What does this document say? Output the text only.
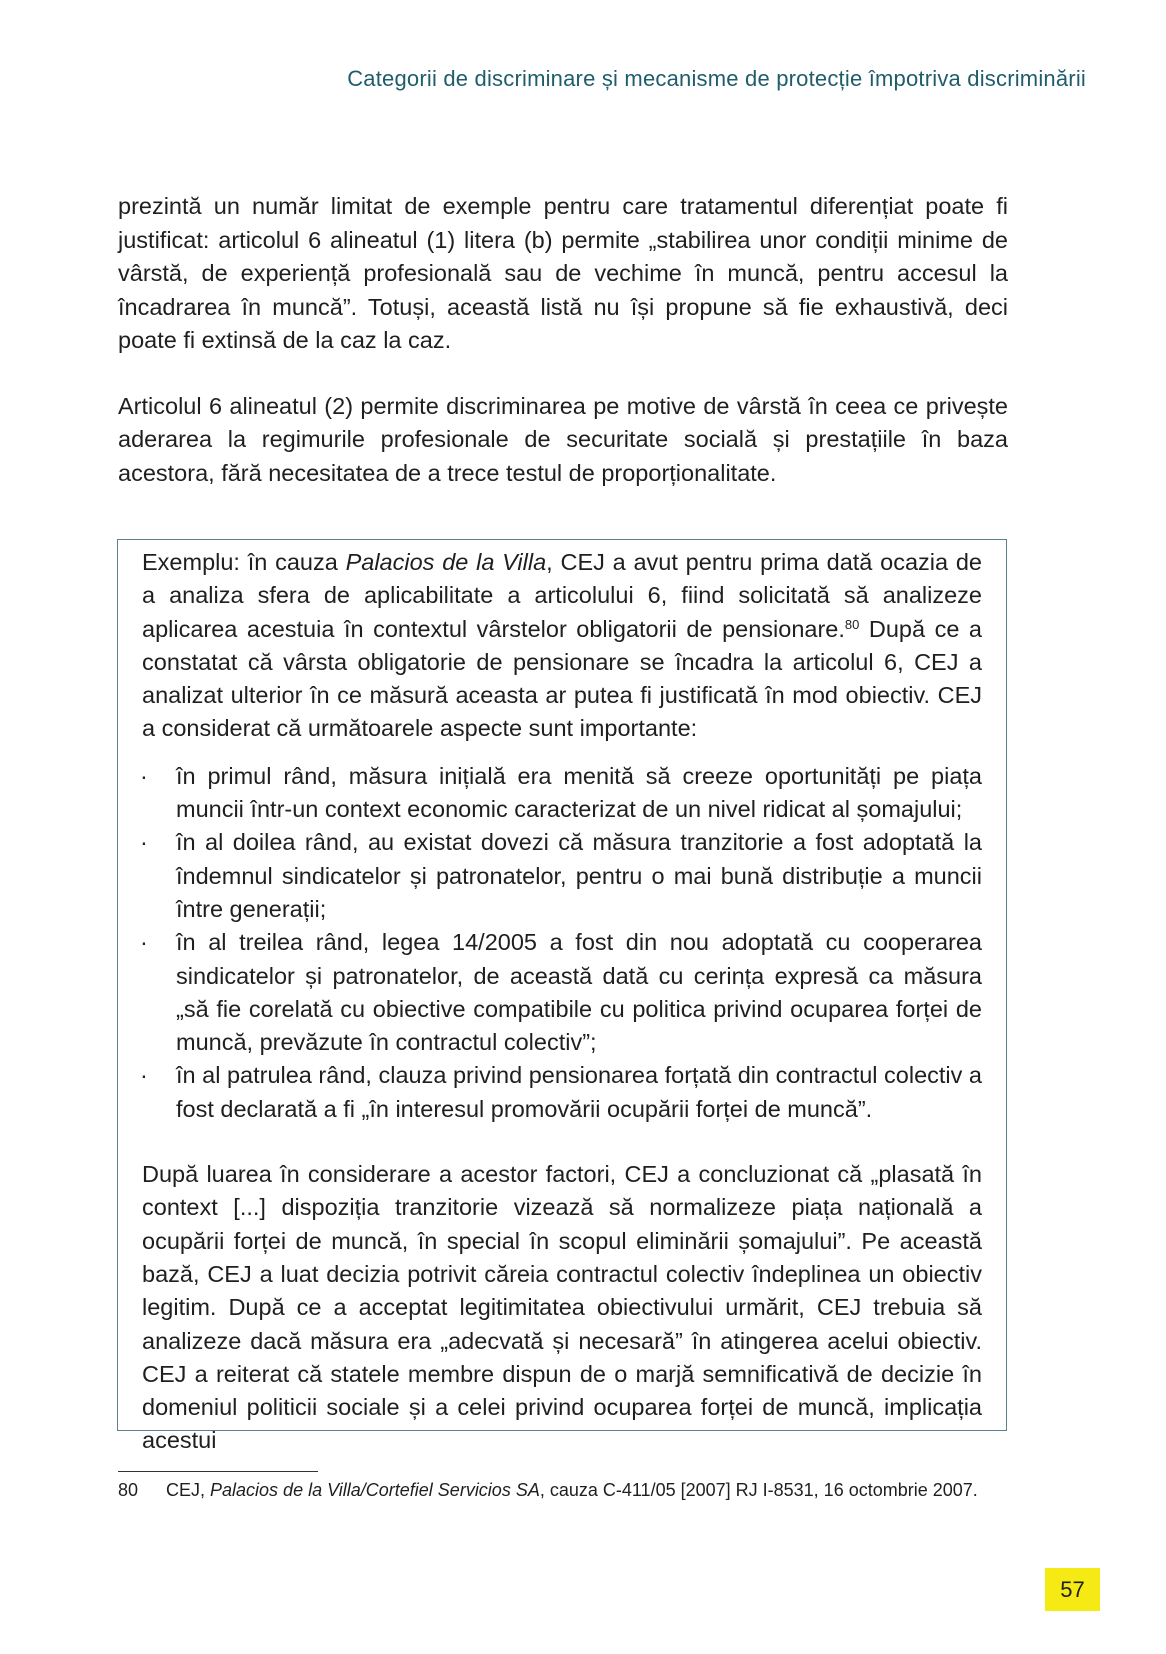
Categorii de discriminare și mecanisme de protecție împotriva discriminării

prezintă un număr limitat de exemple pentru care tratamentul diferențiat poate fi justificat: articolul 6 alineatul (1) litera (b) permite „stabilirea unor condiții minime de vârstă, de experiență profesională sau de vechime în muncă, pentru accesul la încadrarea în muncă”. Totuși, această listă nu își propune să fie exhaustivă, deci poate fi extinsă de la caz la caz.

Articolul 6 alineatul (2) permite discriminarea pe motive de vârstă în ceea ce privește aderarea la regimurile profesionale de securitate socială și prestațiile în baza acestora, fără necesitatea de a trece testul de proporționalitate.

Exemplu: în cauza Palacios de la Villa, CEJ a avut pentru prima dată ocazia de a analiza sfera de aplicabilitate a articolului 6, fiind solicitată să analizeze aplicarea acestuia în contextul vârstelor obligatorii de pensionare.$^{80}$ După ce a constatat că vârsta obligatorie de pensionare se încadra la articolul 6, CEJ a analizat ulterior în ce măsură aceasta ar putea fi justificată în mod obiectiv. CEJ a considerat că următoarele aspecte sunt importante:

· în primul rând, măsura inițială era menită să creeze oportunități pe piața muncii într-un context economic caracterizat de un nivel ridicat al șomajului;
· în al doilea rând, au existat dovezi că măsura tranzitorie a fost adoptată la îndemnul sindicatelor și patronatelor, pentru o mai bună distribuție a muncii între generații;
· în al treilea rând, legea 14/2005 a fost din nou adoptată cu cooperarea sindicatelor și patronatelor, de această dată cu cerința expresă ca măsura „să fie corelată cu obiective compatibile cu politica privind ocuparea forței de muncă, prevăzute în contractul colectiv”;
· în al patrulea rând, clauza privind pensionarea forțată din contractul colectiv a fost declarată a fi „în interesul promovării ocupării forței de muncă”.

După luarea în considerare a acestor factori, CEJ a concluzionat că „plasată în context [...] dispoziția tranzitorie vizează să normalizeze piața națională a ocupării forței de muncă, în special în scopul eliminării șomajului”. Pe această bază, CEJ a luat decizia potrivit căreia contractul colectiv îndeplinea un obiectiv legitim. După ce a acceptat legitimitatea obiectivului urmărit, CEJ trebuia să analizeze dacă măsura era „adecvată și necesară” în atingerea acelui obiectiv. CEJ a reiterat că statele membre dispun de o marjă semnificativă de decizie în domeniul politicii sociale și a celei privind ocuparea forței de muncă, implicația acestui

80 CEJ, Palacios de la Villa/Cortefiel Servicios SA, cauza C-411/05 [2007] RJ I-8531, 16 octombrie 2007.
57
